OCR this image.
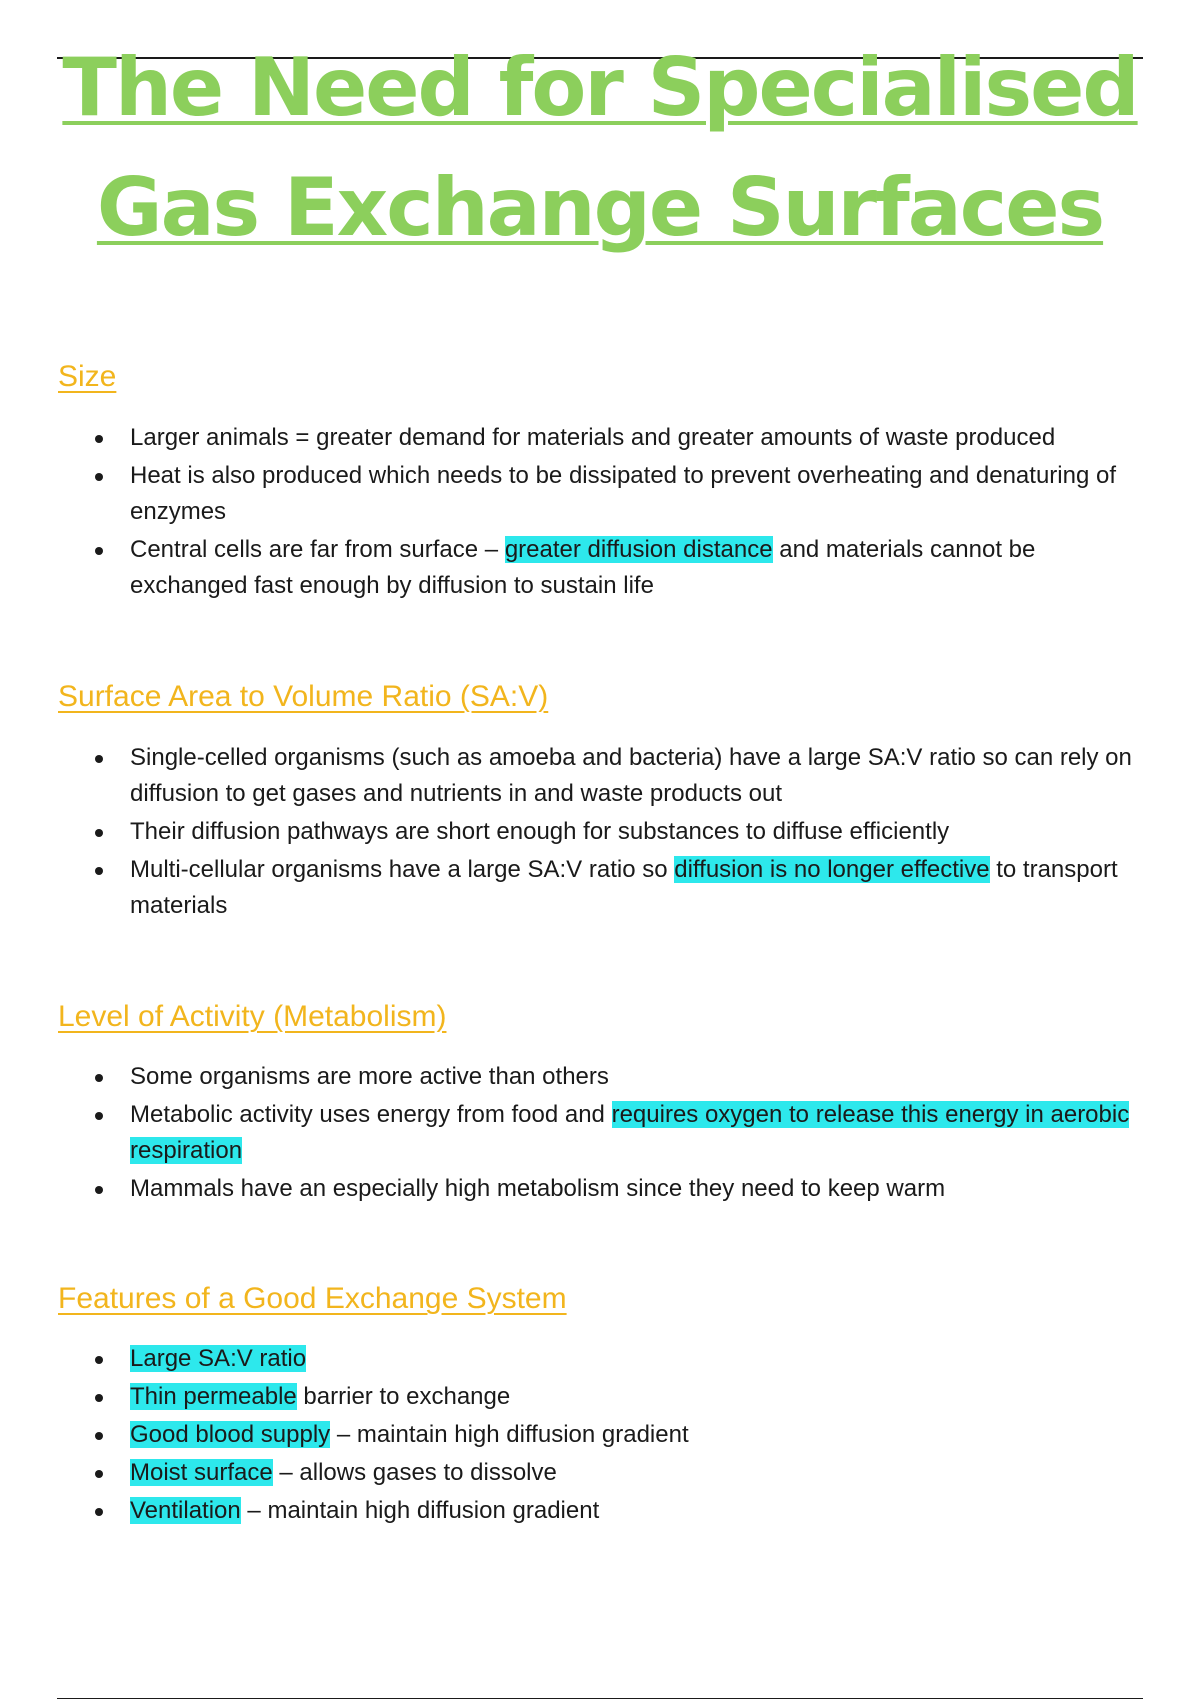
The Need for Specialised
Gas Exchange Surfaces
Size
Larger animals = greater demand for materials and greater amounts of waste produced
Heat is also produced which needs to be dissipated to prevent overheating and denaturing of enzymes
Central cells are far from surface – greater diffusion distance and materials cannot be exchanged fast enough by diffusion to sustain life
Surface Area to Volume Ratio (SA:V)
Single-celled organisms (such as amoeba and bacteria) have a large SA:V ratio so can rely on diffusion to get gases and nutrients in and waste products out
Their diffusion pathways are short enough for substances to diffuse efficiently
Multi-cellular organisms have a large SA:V ratio so diffusion is no longer effective to transport materials
Level of Activity (Metabolism)
Some organisms are more active than others
Metabolic activity uses energy from food and requires oxygen to release this energy in aerobic respiration
Mammals have an especially high metabolism since they need to keep warm
Features of a Good Exchange System
Large SA:V ratio
Thin permeable barrier to exchange
Good blood supply – maintain high diffusion gradient
Moist surface – allows gases to dissolve
Ventilation – maintain high diffusion gradient
